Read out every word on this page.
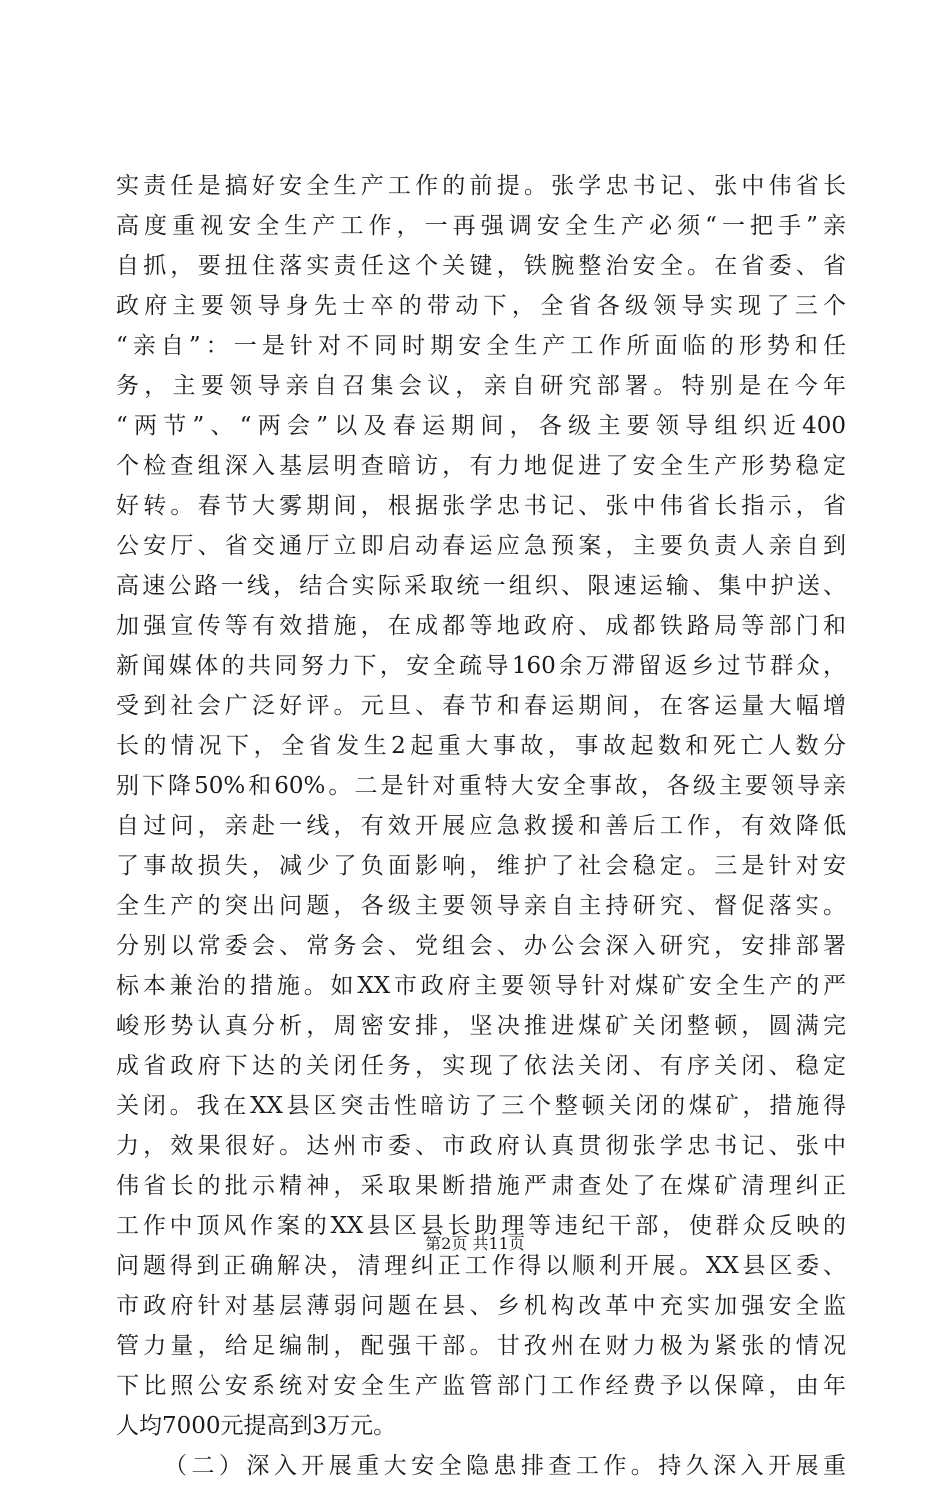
实责任是搞好安全生产工作的前提。张学忠书记、张中伟省长
高度重视安全生产工作，一再强调安全生产必须“一把手”亲
自抓，要扭住落实责任这个关键，铁腕整治安全。在省委、省
政府主要领导身先士卒的带动下，全省各级领导实现了三个
“亲自”：一是针对不同时期安全生产工作所面临的形势和任
务，主要领导亲自召集会议，亲自研究部署。特别是在今年
“两节”、“两会”以及春运期间，各级主要领导组织近400
个检查组深入基层明查暗访，有力地促进了安全生产形势稳定
好转。春节大雾期间，根据张学忠书记、张中伟省长指示，省
公安厅、省交通厅立即启动春运应急预案，主要负责人亲自到
高速公路一线，结合实际采取统一组织、限速运输、集中护送、
加强宣传等有效措施，在成都等地政府、成都铁路局等部门和
新闻媒体的共同努力下，安全疏导160余万滞留返乡过节群众，
受到社会广泛好评。元旦、春节和春运期间，在客运量大幅增
长的情况下，全省发生2起重大事故，事故起数和死亡人数分
别下降50%和60%。二是针对重特大安全事故，各级主要领导亲
自过问，亲赴一线，有效开展应急救援和善后工作，有效降低
了事故损失，减少了负面影响，维护了社会稳定。三是针对安
全生产的突出问题，各级主要领导亲自主持研究、督促落实。
分别以常委会、常务会、党组会、办公会深入研究，安排部署
标本兼治的措施。如XX市政府主要领导针对煤矿安全生产的严
峻形势认真分析，周密安排，坚决推进煤矿关闭整顿，圆满完
成省政府下达的关闭任务，实现了依法关闭、有序关闭、稳定
关闭。我在XX县区突击性暗访了三个整顿关闭的煤矿，措施得
力，效果很好。达州市委、市政府认真贯彻张学忠书记、张中
伟省长的批示精神，采取果断措施严肃查处了在煤矿清理纠正
工作中顶风作案的XX县区县长助理等违纪干部，使群众反映的
问题得到正确解决，清理纠正工作得以顺利开展。XX县区委、
市政府针对基层薄弱问题在县、乡机构改革中充实加强安全监
管力量，给足编制，配强干部。甘孜州在财力极为紧张的情况
下比照公安系统对安全生产监管部门工作经费予以保障，由年
人均7000元提高到3万元。
（二）深入开展重大安全隐患排查工作。持久深入开展重
第2页 共11页
